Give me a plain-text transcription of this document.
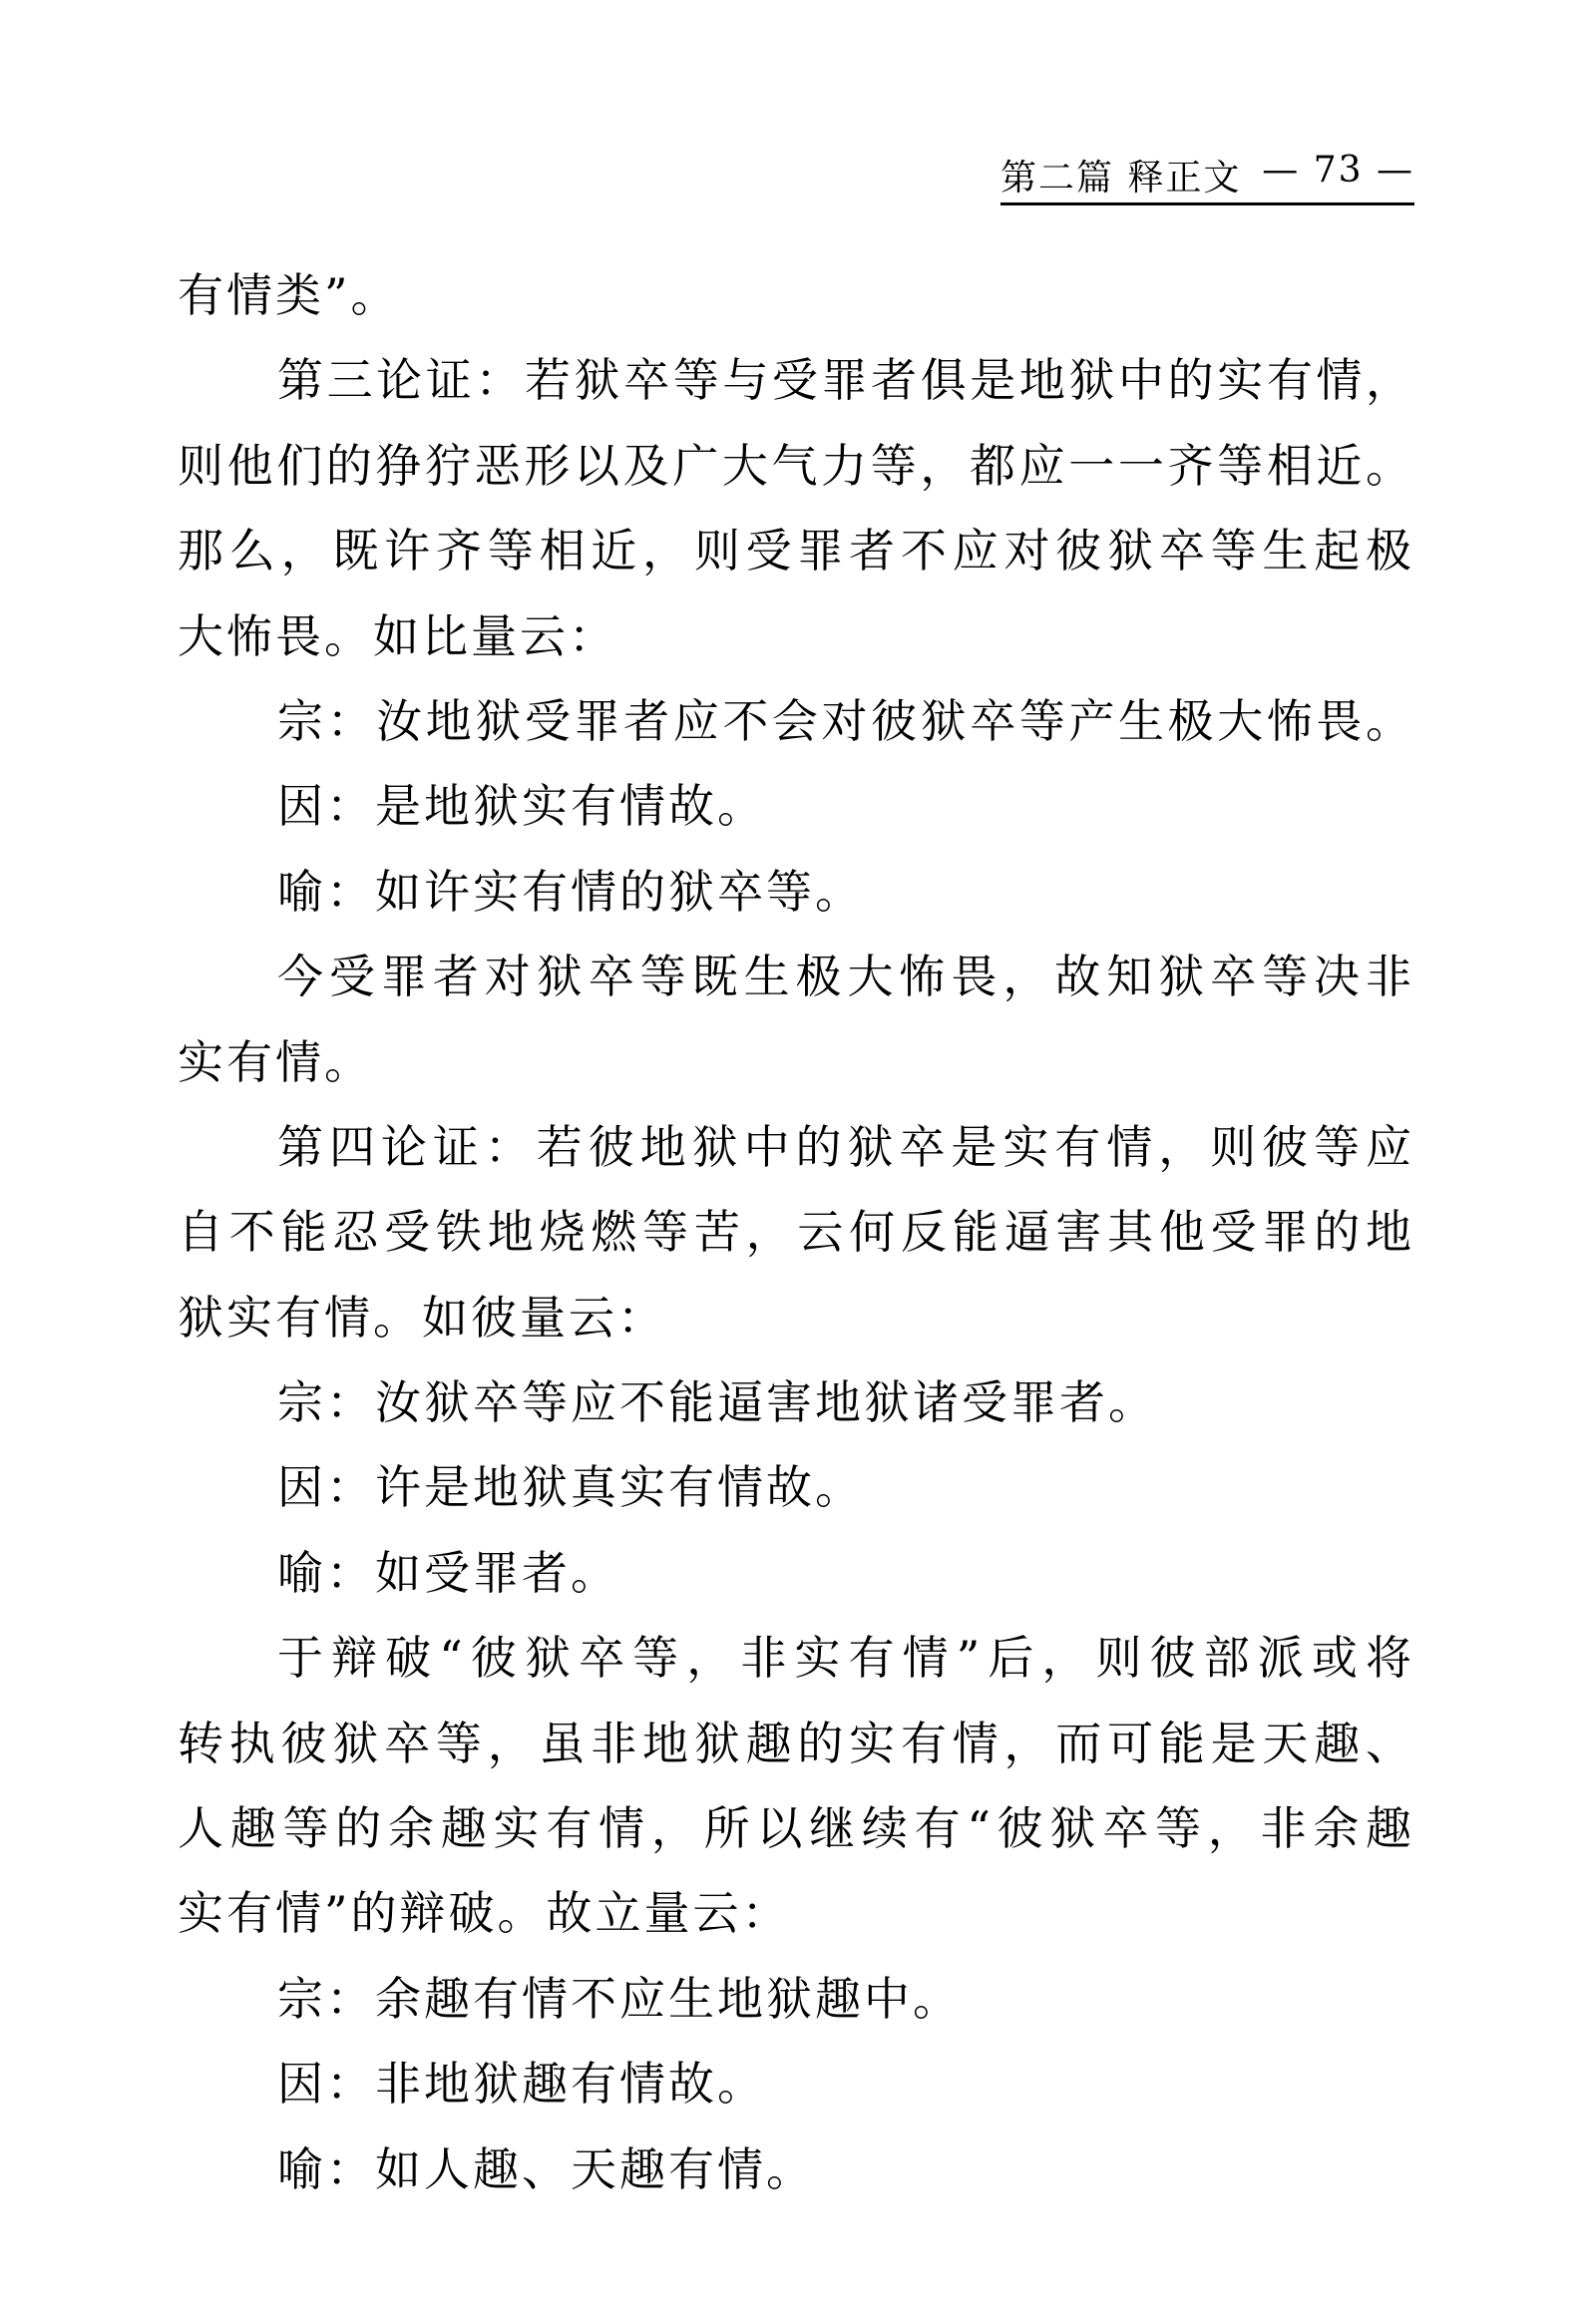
第二篇 释正文 — 73 —
有情类”。
第三论证：若狱卒等与受罪者俱是地狱中的实有情，
则他们的狰狞恶形以及广大气力等，都应一一齐等相近。
那么，既许齐等相近，则受罪者不应对彼狱卒等生起极
大怖畏。如比量云：
宗：汝地狱受罪者应不会对彼狱卒等产生极大怖畏。
因：是地狱实有情故。
喻：如许实有情的狱卒等。
今受罪者对狱卒等既生极大怖畏，故知狱卒等决非
实有情。
第四论证：若彼地狱中的狱卒是实有情，则彼等应
自不能忍受铁地烧燃等苦，云何反能逼害其他受罪的地
狱实有情。如彼量云：
宗：汝狱卒等应不能逼害地狱诸受罪者。
因：许是地狱真实有情故。
喻：如受罪者。
于辩破“彼狱卒等，非实有情”后，则彼部派或将
转执彼狱卒等，虽非地狱趣的实有情，而可能是天趣、
人趣等的余趣实有情，所以继续有“彼狱卒等，非余趣
实有情”的辩破。故立量云：
宗：余趣有情不应生地狱趣中。
因：非地狱趣有情故。
喻：如人趣、天趣有情。
